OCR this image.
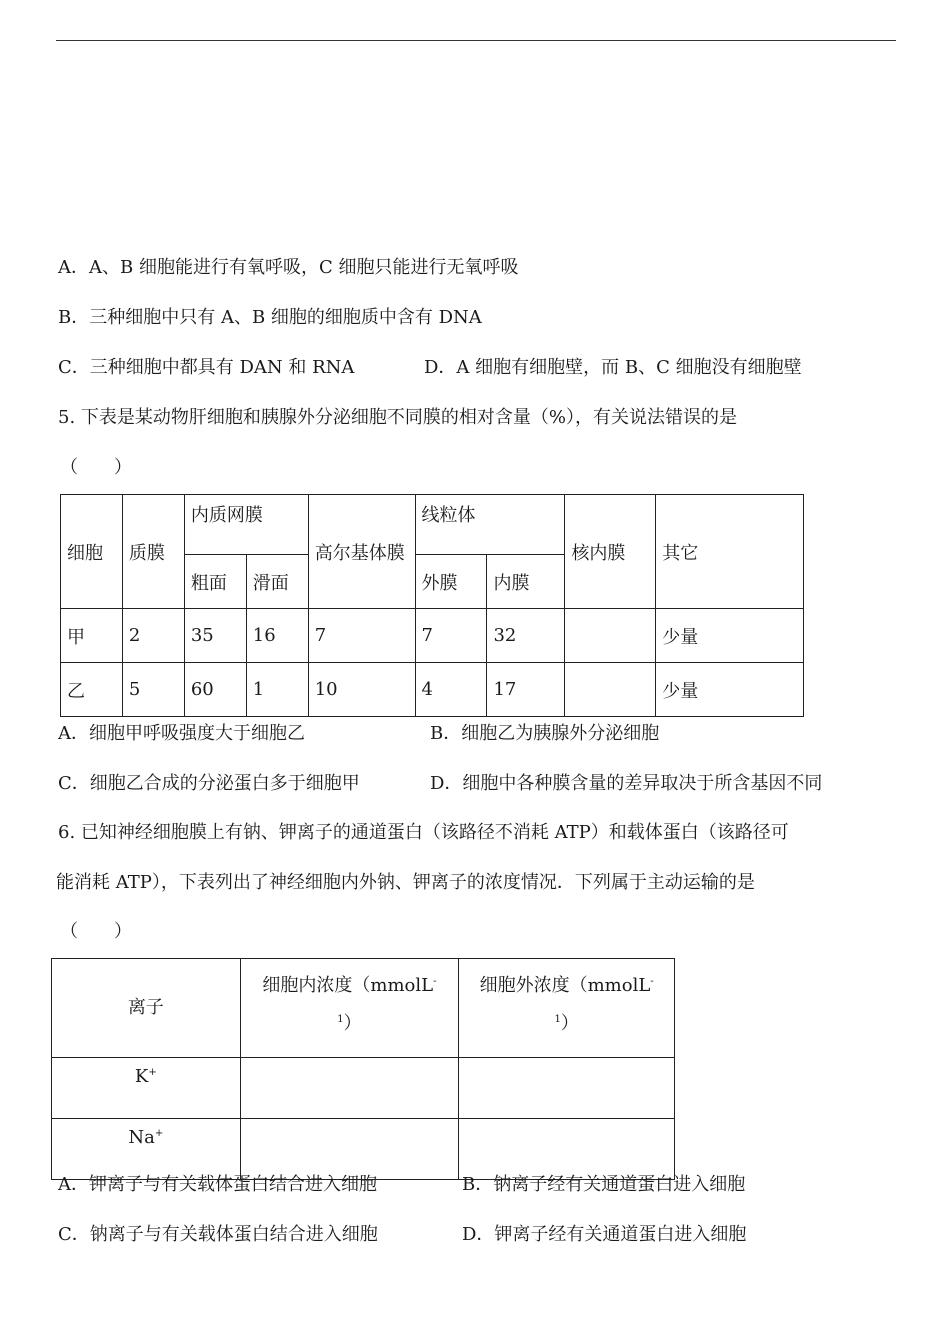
A．A、B 细胞能进行有氧呼吸，C 细胞只能进行无氧呼吸
B．三种细胞中只有 A、B 细胞的细胞质中含有 DNA
C．三种细胞中都具有 DAN 和 RNA	D．A 细胞有细胞壁，而 B、C 细胞没有细胞壁
5. 下表是某动物肝细胞和胰腺外分泌细胞不同膜的相对含量（%），有关说法错误的是
（　　）
细胞	质膜	内质网膜		高尔基体膜	线粒体		核内膜	其它
		粗面	滑面		外膜	内膜		
甲	2	35	16	7	7	32		少量
乙	5	60	1	10	4	17		少量
A．细胞甲呼吸强度大于细胞乙	B．细胞乙为胰腺外分泌细胞
C．细胞乙合成的分泌蛋白多于细胞甲	D．细胞中各种膜含量的差异取决于所含基因不同
6. 已知神经细胞膜上有钠、钾离子的通道蛋白（该路径不消耗 ATP）和载体蛋白（该路径可
能消耗 ATP），下表列出了神经细胞内外钠、钾离子的浓度情况．下列属于主动运输的是
（　　）
离子	细胞内浓度（mmolL-
$^1$）	细胞外浓度（mmolL-
$^1$）
K+		
Na+		
A．钾离子与有关载体蛋白结合进入细胞	B．钠离子经有关通道蛋白进入细胞
C．钠离子与有关载体蛋白结合进入细胞	D．钾离子经有关通道蛋白进入细胞
